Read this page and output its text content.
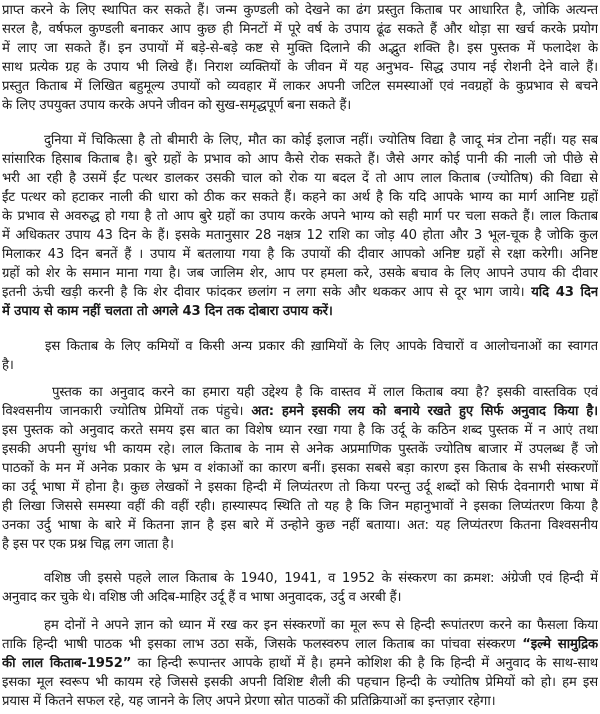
प्राप्त करने के लिए स्थापित कर सकते हैं। जन्म कुण्डली को देखने का ढंग प्रस्तुत किताब पर आधारित है, जोकि अत्यन्त
सरल है, वर्षफल कुण्डली बनाकर आप कुछ ही मिनटों में पूरे वर्ष के उपाय ढूंढ सकते हैं और थोड़ा सा खर्च करके प्रयोग
में लाए जा सकते हैं। इन उपायों में बड़े-से-बड़े कष्ट से मुक्ति दिलाने की अद्भुत शक्ति है। इस पुस्तक में फलादेश के
साथ प्रत्येक ग्रह के उपाय भी लिखे हैं। निराश व्यक्तियों के जीवन में यह अनुभव- सिद्ध उपाय नई रोशनी देने वाले हैं।
प्रस्तुत किताब में लिखित बहुमूल्य उपायों को व्यवहार में लाकर अपनी जटिल समस्याओं एवं नवग्रहों के कुप्रभाव से बचने
के लिए उपयुक्त उपाय करके अपने जीवन को सुख-समृद्धपूर्ण बना सकते हैं।
दुनिया में चिकित्सा है तो बीमारी के लिए, मौत का कोई इलाज नहीं। ज्योतिष विद्या है जादू मंत्र टोना नहीं। यह सब
सांसारिक हिसाब किताब है। बुरे ग्रहों के प्रभाव को आप कैसे रोक सकते हैं। जैसे अगर कोई पानी की नाली जो पीछे से
भरी आ रही है उसमें ईंट पत्थर डालकर उसकी चाल को रोक या बदल दें तो आप लाल किताब (ज्योतिष) की विद्या से
ईंट पत्थर को हटाकर नाली की धारा को ठीक कर सकते हैं। कहने का अर्थ है कि यदि आपके भाग्य का मार्ग आनिष्ट ग्रहों
के प्रभाव से अवरुद्ध हो गया है तो आप बुरे ग्रहों का उपाय करके अपने भाग्य को सही मार्ग पर चला सकते हैं। लाल किताब
में अधिकतर उपाय 43 दिन के हैं। इसके मतानुसार 28 नक्षत्र 12 राशि का जोड़ 40 होता और 3 भूल-चूक है जोकि कुल
मिलाकर 43 दिन बनतें हैं । उपाय में बतलाया गया है कि उपायों की दीवार आपको अनिष्ट ग्रहों से रक्षा करेगी। अनिष्ट
ग्रहों को शेर के समान माना गया है। जब जालिम शेर, आप पर हमला करे, उसके बचाव के लिए आपने उपाय की दीवार
इतनी ऊंची खड़ी करनी है कि शेर दीवार फांदकर छलांग न लगा सके और थककर आप से दूर भाग जाये। यदि 43 दिन
में उपाय से काम नहीं चलता तो अगले 43 दिन तक दोबारा उपाय करें।
इस किताब के लिए कमियों व किसी अन्य प्रकार की ख़ामियों के लिए आपके विचारों व आलोचनाओं का स्वागत
है।
पुस्तक का अनुवाद करने का हमारा यही उद्देश्य है कि वास्तव में लाल किताब क्या है? इसकी वास्तविक एवं
विश्वसनीय जानकारी ज्योतिष प्रेमियों तक पंहुचे। अत: हमने इसकी लय को बनाये रखते हुए सिर्फ अनुवाद किया है।
इस पुस्तक को अनुवाद करते समय इस बात का विशेष ध्यान रखा गया है कि उर्दू के कठिन शब्द पुस्तक में न आएं तथा
इसकी अपनी सुगंध भी कायम रहे। लाल किताब के नाम से अनेक अप्रमाणिक पुस्तकें ज्योतिष बाजार में उपलब्ध हैं जो
पाठकों के मन में अनेक प्रकार के भ्रम व शंकाओं का कारण बनीं। इसका सबसे बड़ा कारण इस किताब के सभी संस्करणों
का उर्दू भाषा में होना है। कुछ लेखकों ने इसका हिन्दी में लिप्यंतरण तो किया परन्तु उर्दू शब्दों को सिर्फ देवनागरी भाषा में
ही लिखा जिससे समस्या वहीं की वहीं रही। हास्यास्पद स्थिति तो यह है कि जिन महानुभावों ने इसका लिप्यंतरण किया है
उनका उर्दु भाषा के बारे में कितना ज्ञान है इस बारे में उन्होने कुछ नहीं बताया। अत: यह लिप्यंतरण कितना विश्वसनीय
है इस पर एक प्रश्न चिह्न लग जाता है।
वशिष्ठ जी इससे पहले लाल किताब के 1940, 1941, व 1952 के संस्करण का क्रमश: अंग्रेजी एवं हिन्दी में
अनुवाद कर चुके थे। वशिष्ठ जी अदिब-माहिर उर्दू हैं व भाषा अनुवादक, उर्दु व अरबी हैं।
हम दोनों ने अपने ज्ञान को ध्यान में रख कर इन संस्करणों का मूल रूप से हिन्दी रूपांतरण करने का फैसला किया
ताकि हिन्दी भाषी पाठक भी इसका लाभ उठा सकें, जिसके फलस्वरुप लाल किताब का पांचवा संस्करण “इल्मे सामुद्रिक
की लाल किताब-1952” का हिन्दी रूपान्तर आपके हाथों में है। हमने कोशिश की है कि हिन्दी में अनुवाद के साथ-साथ
इसका मूल स्वरूप भी कायम रहे जिससे इसकी अपनी विशिष्ट शैली की पहचान हिन्दी के ज्योतिष प्रेमियों को हो। हम इस
प्रयास में कितने सफल रहे, यह जानने के लिए अपने प्रेरणा स्रोत पाठकों की प्रतिक्रियाओं का इन्तज़ार रहेगा।
